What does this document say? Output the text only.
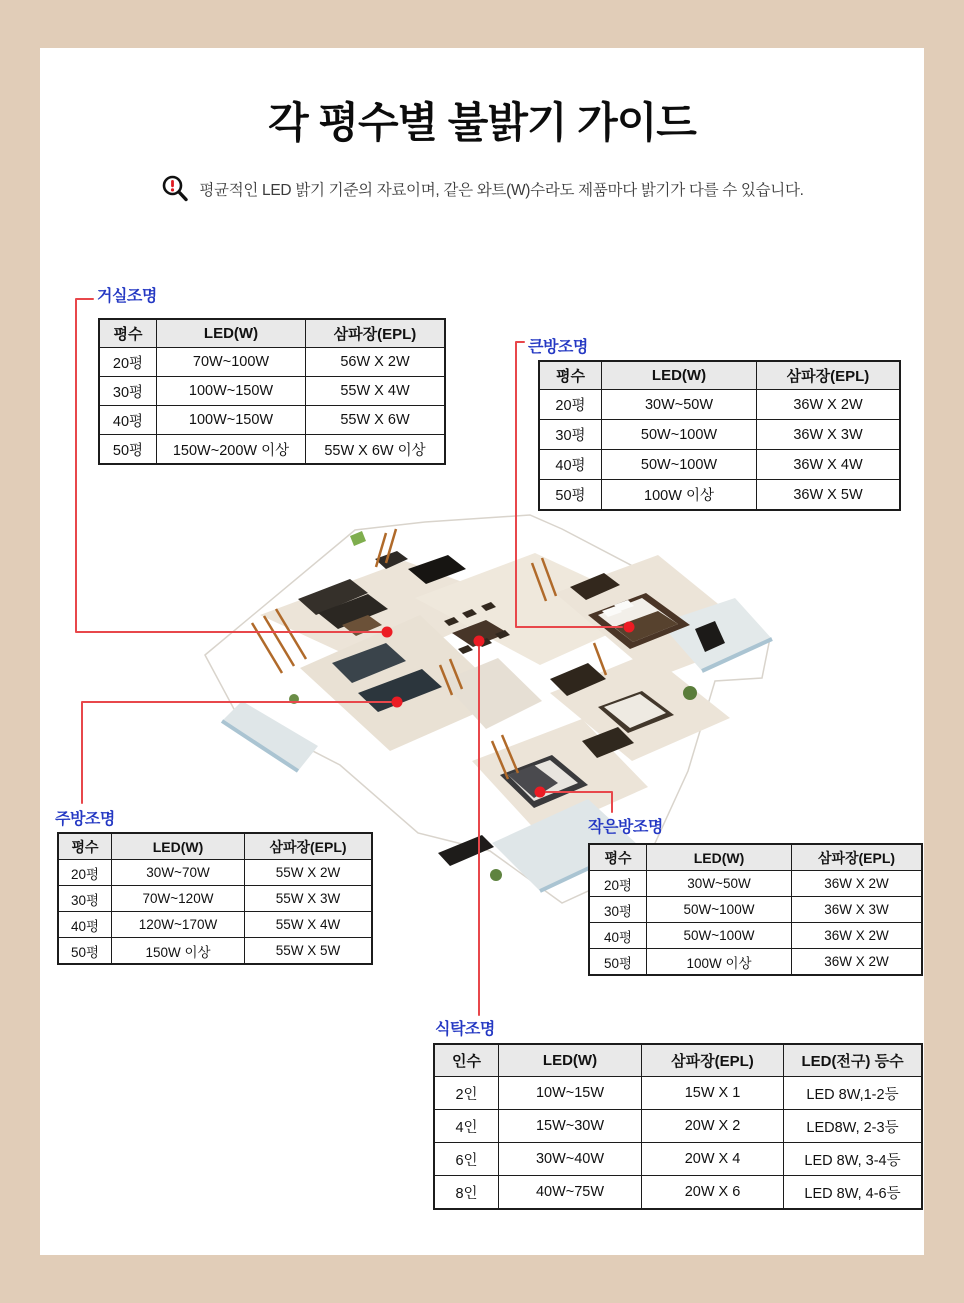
각 평수별 불밝기 가이드
평균적인 LED 밝기 기준의 자료이며, 같은 와트(W)수라도 제품마다 밝기가 다를 수 있습니다.
거실조명
큰방조명
주방조명	작은방조명
식탁조명
평수	LED(W)	삼파장(EPL)
20평	70W~100W	56W X 2W
30평	100W~150W	55W X 4W
40평	100W~150W	55W X 6W
50평	150W~200W 이상	55W X 6W 이상
평수	LED(W)	삼파장(EPL)
20평	30W~50W	36W X 2W
30평	50W~100W	36W X 3W
40평	50W~100W	36W X 4W
50평	100W 이상	36W X 5W
평수	LED(W)	삼파장(EPL)
20평	30W~70W	55W X 2W
30평	70W~120W	55W X 3W
40평	120W~170W	55W X 4W
50평	150W 이상	55W X 5W
평수	LED(W)	삼파장(EPL)
20평	30W~50W	36W X 2W
30평	50W~100W	36W X 3W
40평	50W~100W	36W X 2W
50평	100W 이상	36W X 2W
인수	LED(W)	삼파장(EPL)	LED(전구) 등수
2인	10W~15W	15W X 1	LED 8W,1-2등
4인	15W~30W	20W X 2	LED8W, 2-3등
6인	30W~40W	20W X 4	LED 8W, 3-4등
8인	40W~75W	20W X 6	LED 8W, 4-6등
